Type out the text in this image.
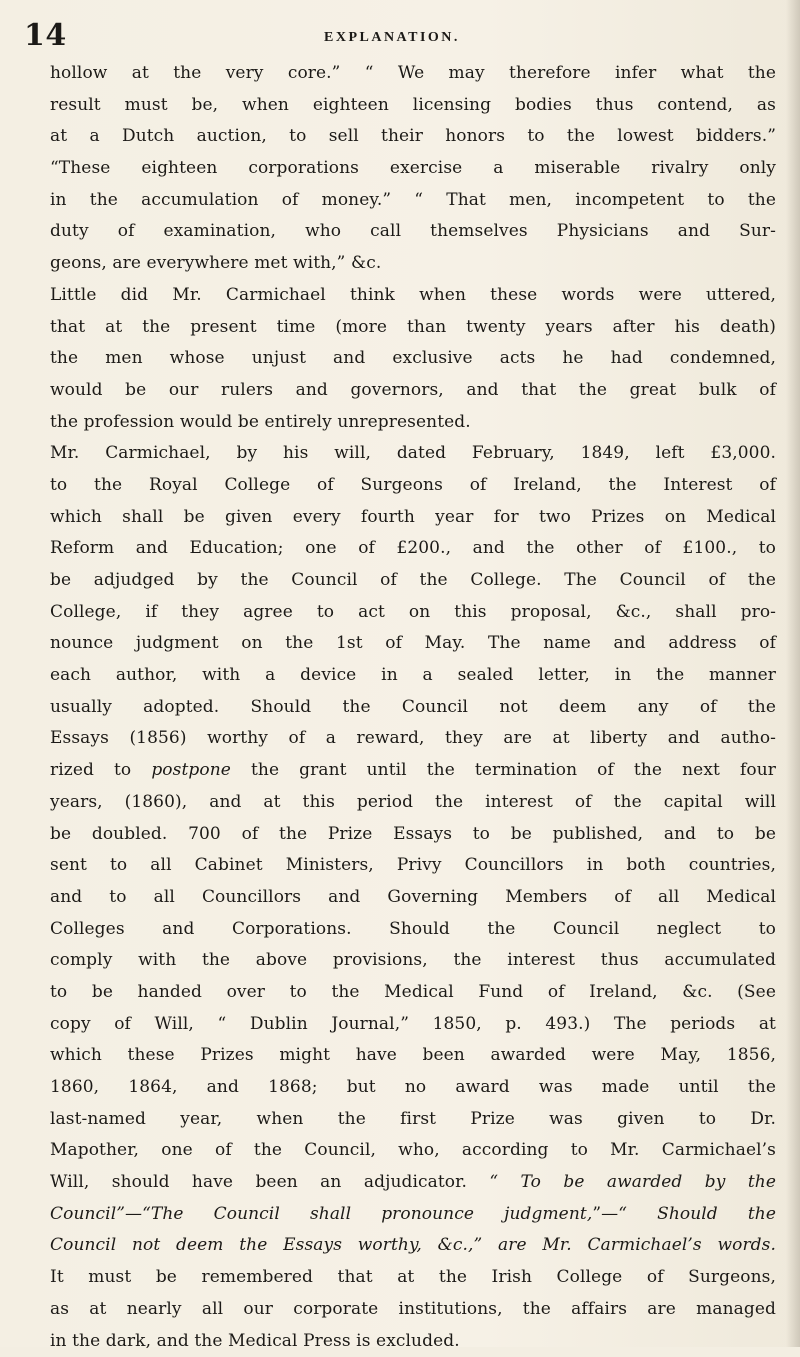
14	EXPLANATION.
hollow at the very core.” “ We may therefore infer what the
result must be, when eighteen licensing bodies thus contend, as
at a Dutch auction, to sell their honors to the lowest bidders.”
“These eighteen corporations exercise a miserable rivalry only
in the accumulation of money.” “ That men, incompetent to the
duty of examination, who call themselves Physicians and Sur-
geons, are everywhere met with,” &c.
Little did Mr. Carmichael think when these words were uttered,
that at the present time (more than twenty years after his death)
the men whose unjust and exclusive acts he had condemned,
would be our rulers and governors, and that the great bulk of
the profession would be entirely unrepresented.
Mr. Carmichael, by his will, dated February, 1849, left £3,000.
to the Royal College of Surgeons of Ireland, the Interest of
which shall be given every fourth year for two Prizes on Medical
Reform and Education; one of £200., and the other of £100., to
be adjudged by the Council of the College. The Council of the
College, if they agree to act on this proposal, &c., shall pro-
nounce judgment on the 1st of May. The name and address of
each author, with a device in a sealed letter, in the manner
usually adopted. Should the Council not deem any of the
Essays (1856) worthy of a reward, they are at liberty and autho-
rized to postpone the grant until the termination of the next four
years, (1860), and at this period the interest of the capital will
be doubled. 700 of the Prize Essays to be published, and to be
sent to all Cabinet Ministers, Privy Councillors in both countries,
and to all Councillors and Governing Members of all Medical
Colleges and Corporations. Should the Council neglect to
comply with the above provisions, the interest thus accumulated
to be handed over to the Medical Fund of Ireland, &c. (See
copy of Will, “ Dublin Journal,” 1850, p. 493.) The periods at
which these Prizes might have been awarded were May, 1856,
1860, 1864, and 1868; but no award was made until the
last-named year, when the first Prize was given to Dr.
Mapother, one of the Council, who, according to Mr. Carmichael’s
Will, should have been an adjudicator. “ To be awarded by the
Council”—“The Council shall pronounce judgment,”—“ Should the
Council not deem the Essays worthy, &c.,” are Mr. Carmichael’s words.
It must be remembered that at the Irish College of Surgeons,
as at nearly all our corporate institutions, the affairs are managed
in the dark, and the Medical Press is excluded.
